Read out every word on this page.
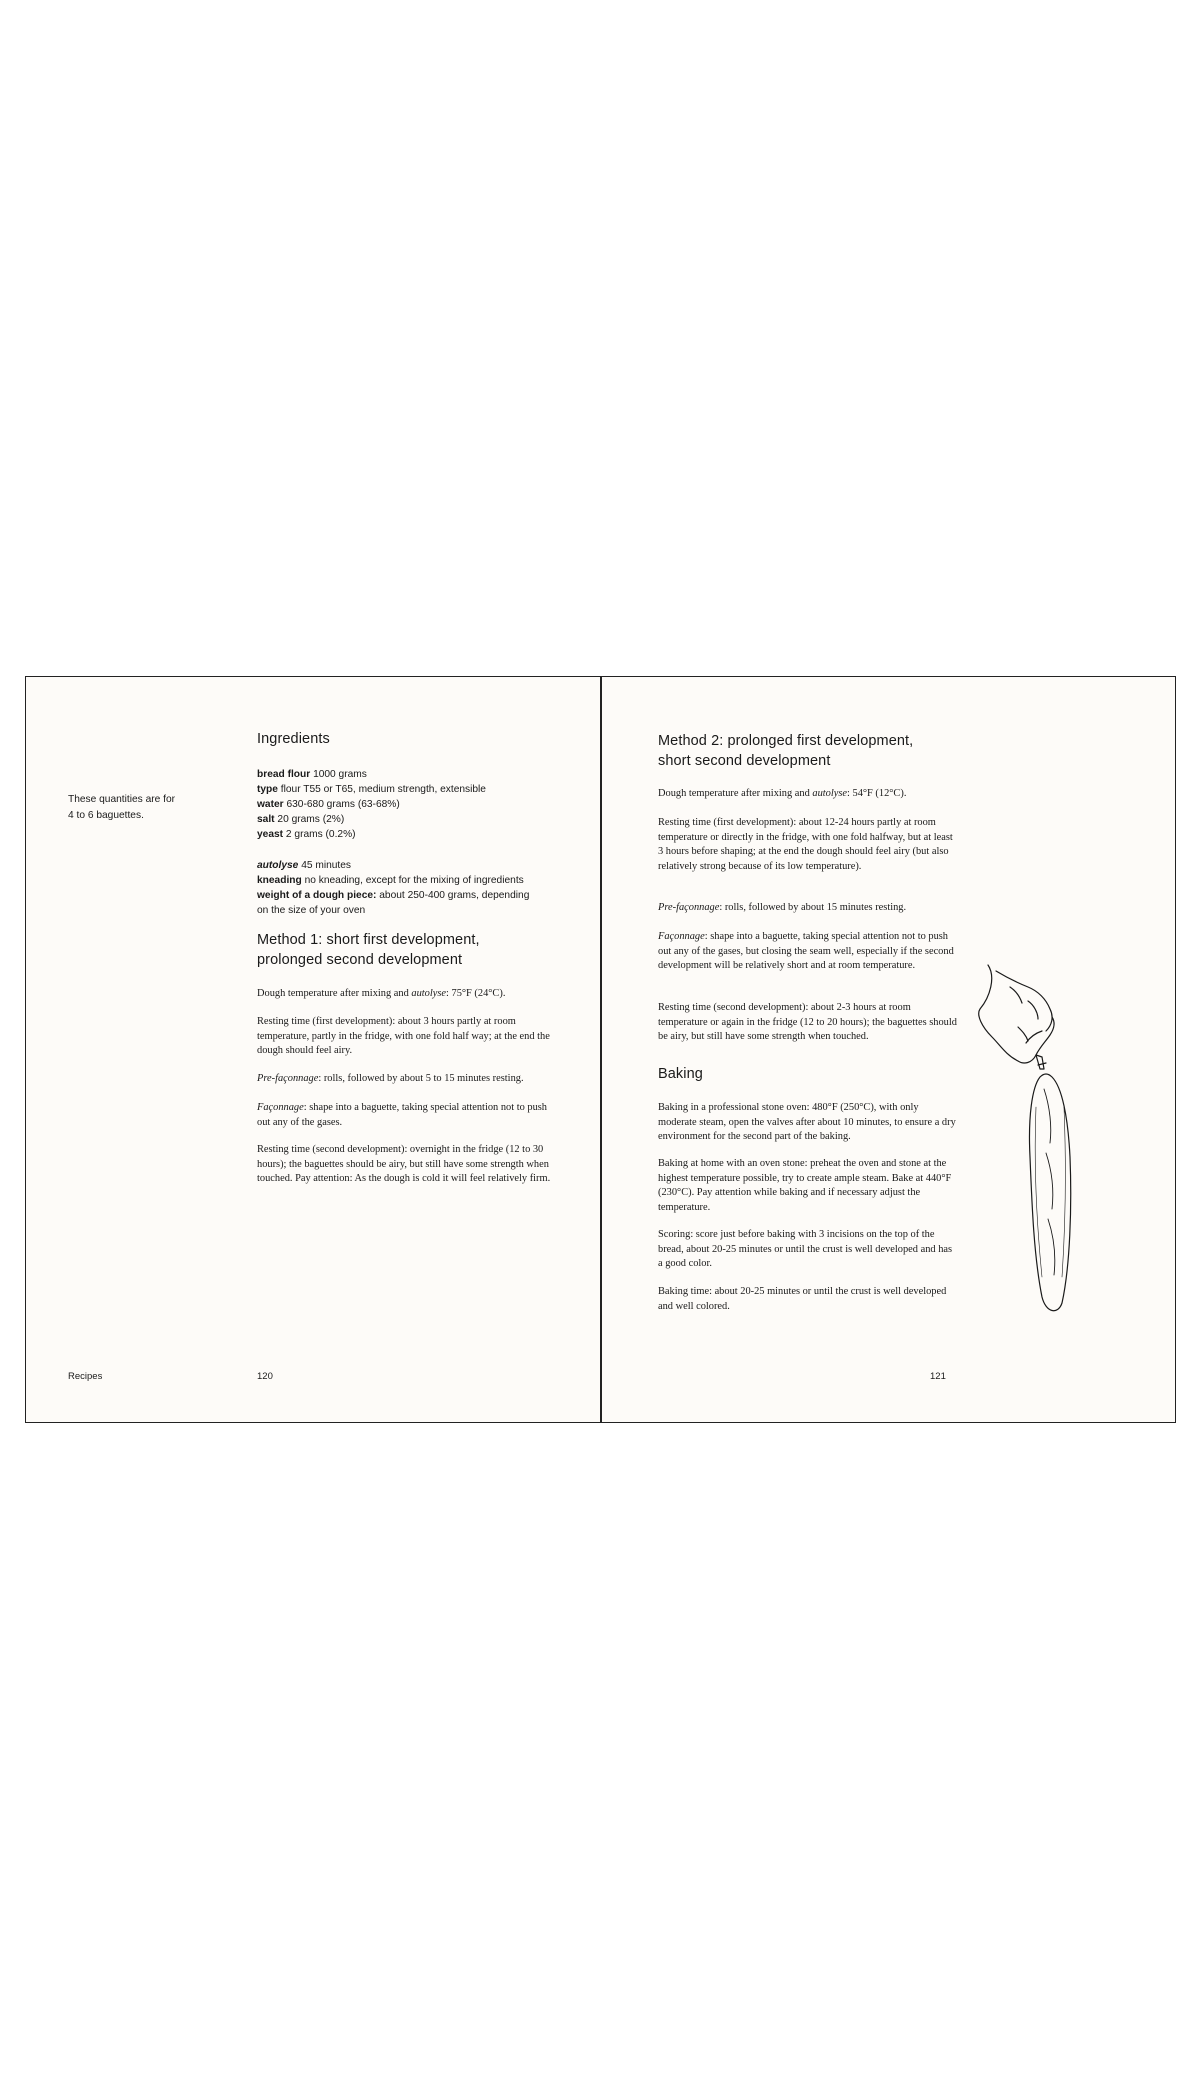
These quantities are for 4 to 6 baguettes.
Ingredients
bread flour 1000 grams
type flour T55 or T65, medium strength, extensible
water 630-680 grams (63-68%)
salt 20 grams (2%)
yeast 2 grams (0.2%)
autolyse 45 minutes
kneading no kneading, except for the mixing of ingredients
weight of a dough piece: about 250-400 grams, depending
on the size of your oven
Method 1: short first development,
prolonged second development
Dough temperature after mixing and autolyse: 75°F (24°C).
Resting time (first development): about 3 hours partly at room temperature, partly in the fridge, with one fold half way; at the end the dough should feel airy.
Pre-façonnage: rolls, followed by about 5 to 15 minutes resting.
Façonnage: shape into a baguette, taking special attention not to push out any of the gases.
Resting time (second development): overnight in the fridge (12 to 30 hours); the baguettes should be airy, but still have some strength when touched. Pay attention: As the dough is cold it will feel relatively firm.
Recipes	120
Method 2: prolonged first development,
short second development
Dough temperature after mixing and autolyse: 54°F (12°C).
Resting time (first development): about 12-24 hours partly at room temperature or directly in the fridge, with one fold halfway, but at least 3 hours before shaping; at the end the dough should feel airy (but also relatively strong because of its low temperature).
Pre-façonnage: rolls, followed by about 15 minutes resting.
Façonnage: shape into a baguette, taking special attention not to push out any of the gases, but closing the seam well, especially if the second development will be relatively short and at room temperature.
Resting time (second development): about 2-3 hours at room temperature or again in the fridge (12 to 20 hours); the baguettes should be airy, but still have some strength when touched.
Baking
Baking in a professional stone oven: 480°F (250°C), with only moderate steam, open the valves after about 10 minutes, to ensure a dry environment for the second part of the baking.
Baking at home with an oven stone: preheat the oven and stone at the highest temperature possible, try to create ample steam. Bake at 440°F (230°C). Pay attention while baking and if necessary adjust the temperature.
Scoring: score just before baking with 3 incisions on the top of the bread, about 20-25 minutes or until the crust is well developed and has a good color.
Baking time: about 20-25 minutes or until the crust is well developed and well colored.
121
